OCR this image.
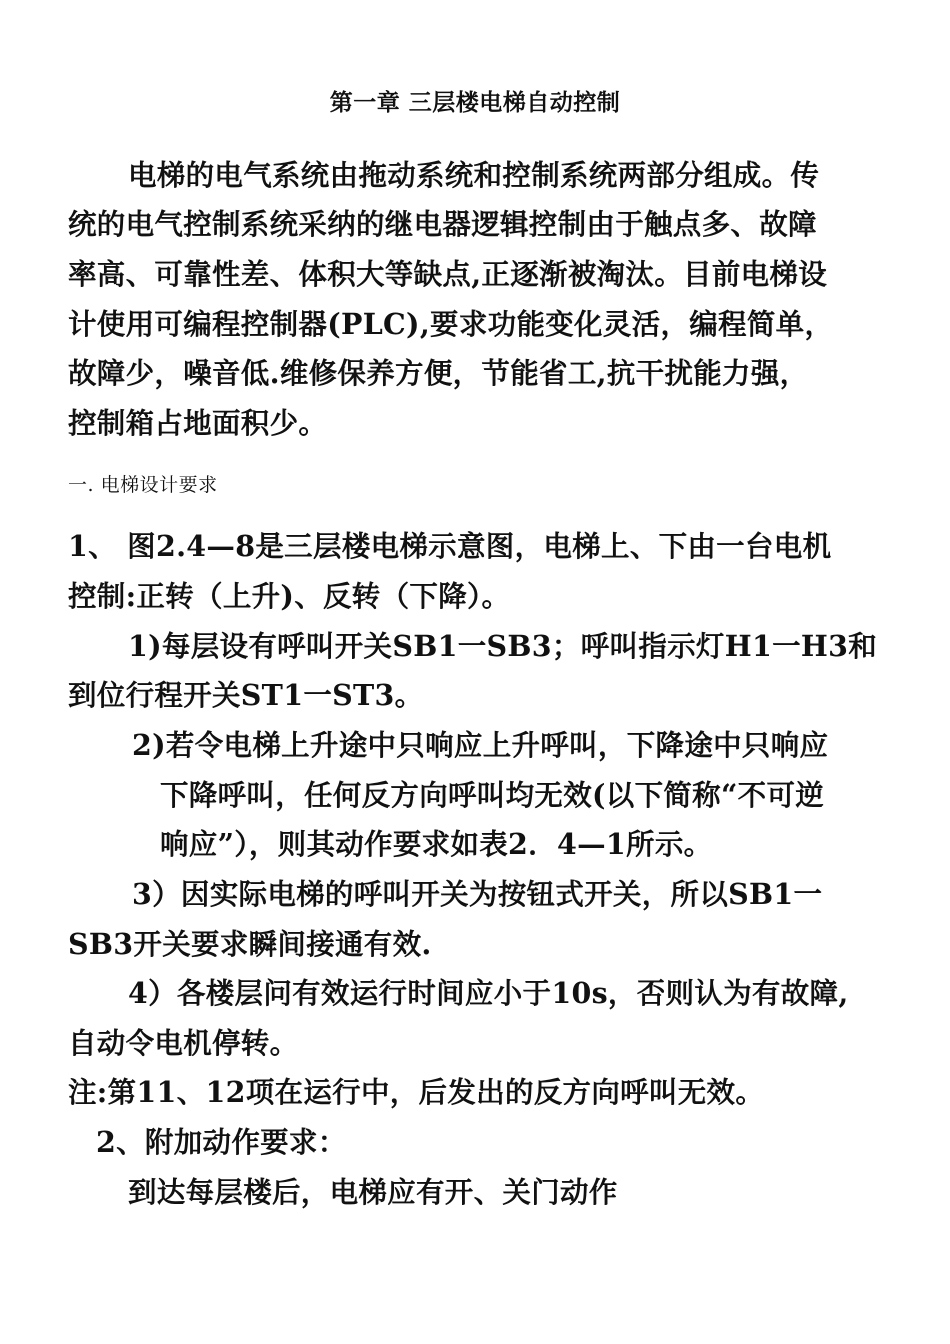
第一章 三层楼电梯自动控制

电梯的电气系统由拖动系统和控制系统两部分组成。传

统的电气控制系统采纳的继电器逻辑控制由于触点多、故障

率高、可靠性差、体积大等缺点,正逐渐被淘汰。目前电梯设

计使用可编程控制器(PLC),要求功能变化灵活，编程简单，

故障少，噪音低.维修保养方便，节能省工,抗干扰能力强，

控制箱占地面积少。

一. 电梯设计要求

1、 图2.4—8是三层楼电梯示意图，电梯上、下由一台电机

控制:正转（上升)、反转（下降）。

1)每层设有呼叫开关SB1一SB3；呼叫指示灯H1一H3和

到位行程开关ST1一ST3。

2)若令电梯上升途中只响应上升呼叫，下降途中只响应

下降呼叫，任何反方向呼叫均无效(以下简称“不可逆

响应”），则其动作要求如表2．4—1所示。

3）因实际电梯的呼叫开关为按钮式开关，所以SB1一

SB3开关要求瞬间接通有效.

4）各楼层问有效运行时间应小于10s，否则认为有故障,

自动令电机停转。

注:第11、12项在运行中，后发出的反方向呼叫无效。

2、附加动作要求：

到达每层楼后，电梯应有开、关门动作
